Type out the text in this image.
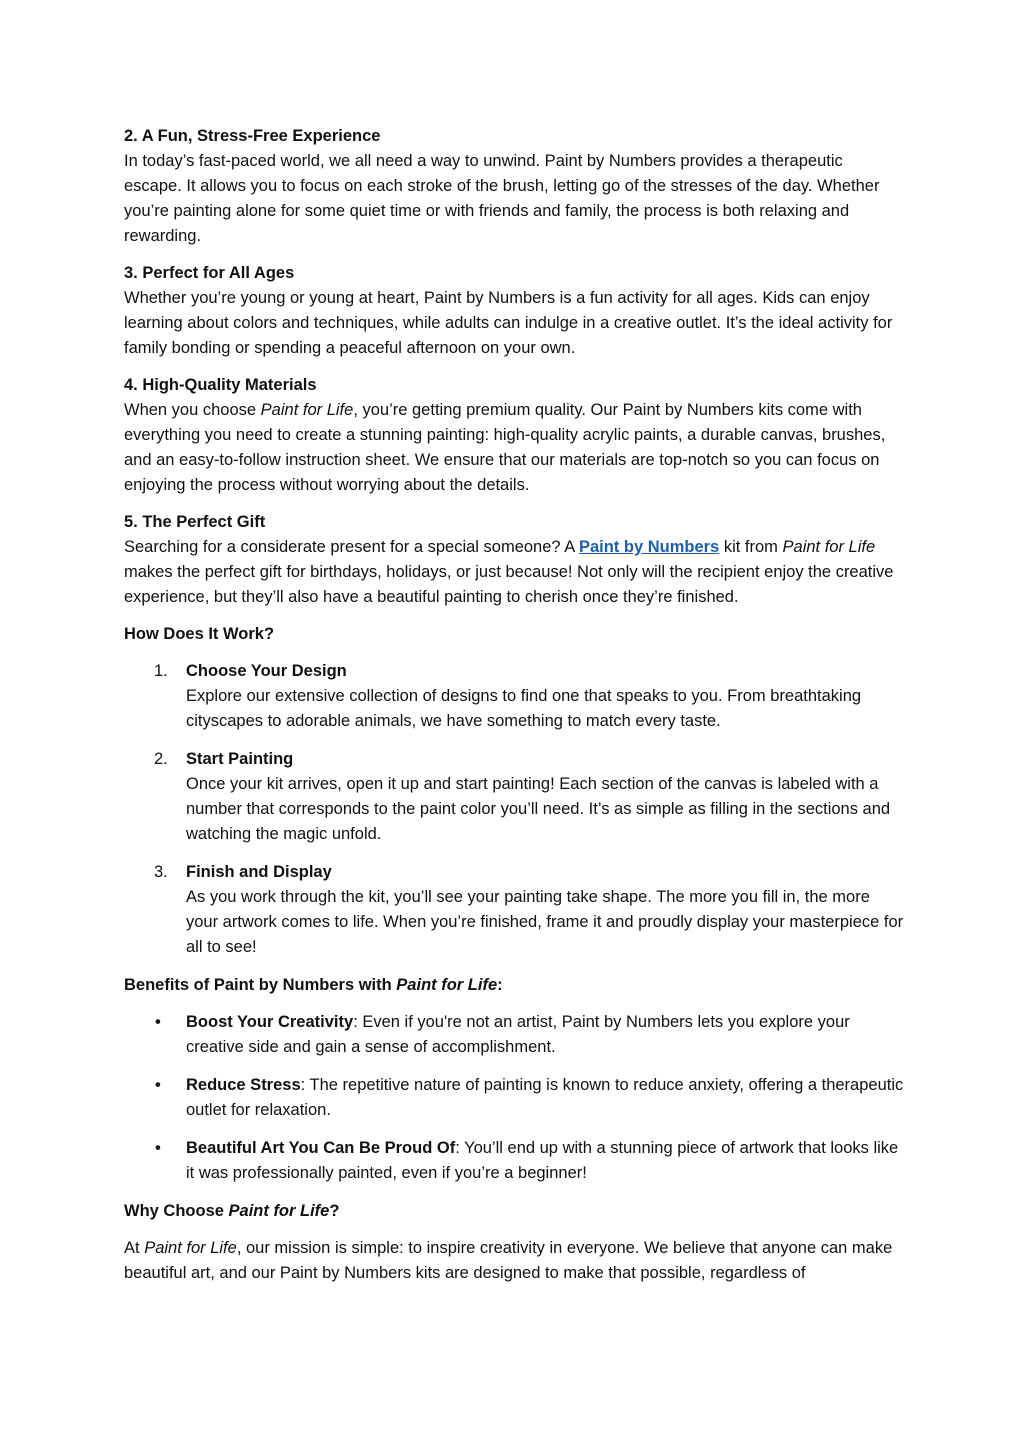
2. A Fun, Stress-Free Experience
In today’s fast-paced world, we all need a way to unwind. Paint by Numbers provides a therapeutic escape. It allows you to focus on each stroke of the brush, letting go of the stresses of the day. Whether you’re painting alone for some quiet time or with friends and family, the process is both relaxing and rewarding.
3. Perfect for All Ages
Whether you’re young or young at heart, Paint by Numbers is a fun activity for all ages. Kids can enjoy learning about colors and techniques, while adults can indulge in a creative outlet. It’s the ideal activity for family bonding or spending a peaceful afternoon on your own.
4. High-Quality Materials
When you choose Paint for Life, you’re getting premium quality. Our Paint by Numbers kits come with everything you need to create a stunning painting: high-quality acrylic paints, a durable canvas, brushes, and an easy-to-follow instruction sheet. We ensure that our materials are top-notch so you can focus on enjoying the process without worrying about the details.
5. The Perfect Gift
Searching for a considerate present for a special someone? A Paint by Numbers kit from Paint for Life makes the perfect gift for birthdays, holidays, or just because! Not only will the recipient enjoy the creative experience, but they’ll also have a beautiful painting to cherish once they’re finished.
How Does It Work?
1. Choose Your Design
Explore our extensive collection of designs to find one that speaks to you. From breathtaking cityscapes to adorable animals, we have something to match every taste.
2. Start Painting
Once your kit arrives, open it up and start painting! Each section of the canvas is labeled with a number that corresponds to the paint color you’ll need. It’s as simple as filling in the sections and watching the magic unfold.
3. Finish and Display
As you work through the kit, you’ll see your painting take shape. The more you fill in, the more your artwork comes to life. When you’re finished, frame it and proudly display your masterpiece for all to see!
Benefits of Paint by Numbers with Paint for Life:
• Boost Your Creativity: Even if you're not an artist, Paint by Numbers lets you explore your creative side and gain a sense of accomplishment.
• Reduce Stress: The repetitive nature of painting is known to reduce anxiety, offering a therapeutic outlet for relaxation.
• Beautiful Art You Can Be Proud Of: You’ll end up with a stunning piece of artwork that looks like it was professionally painted, even if you’re a beginner!
Why Choose Paint for Life?
At Paint for Life, our mission is simple: to inspire creativity in everyone. We believe that anyone can make beautiful art, and our Paint by Numbers kits are designed to make that possible, regardless of
